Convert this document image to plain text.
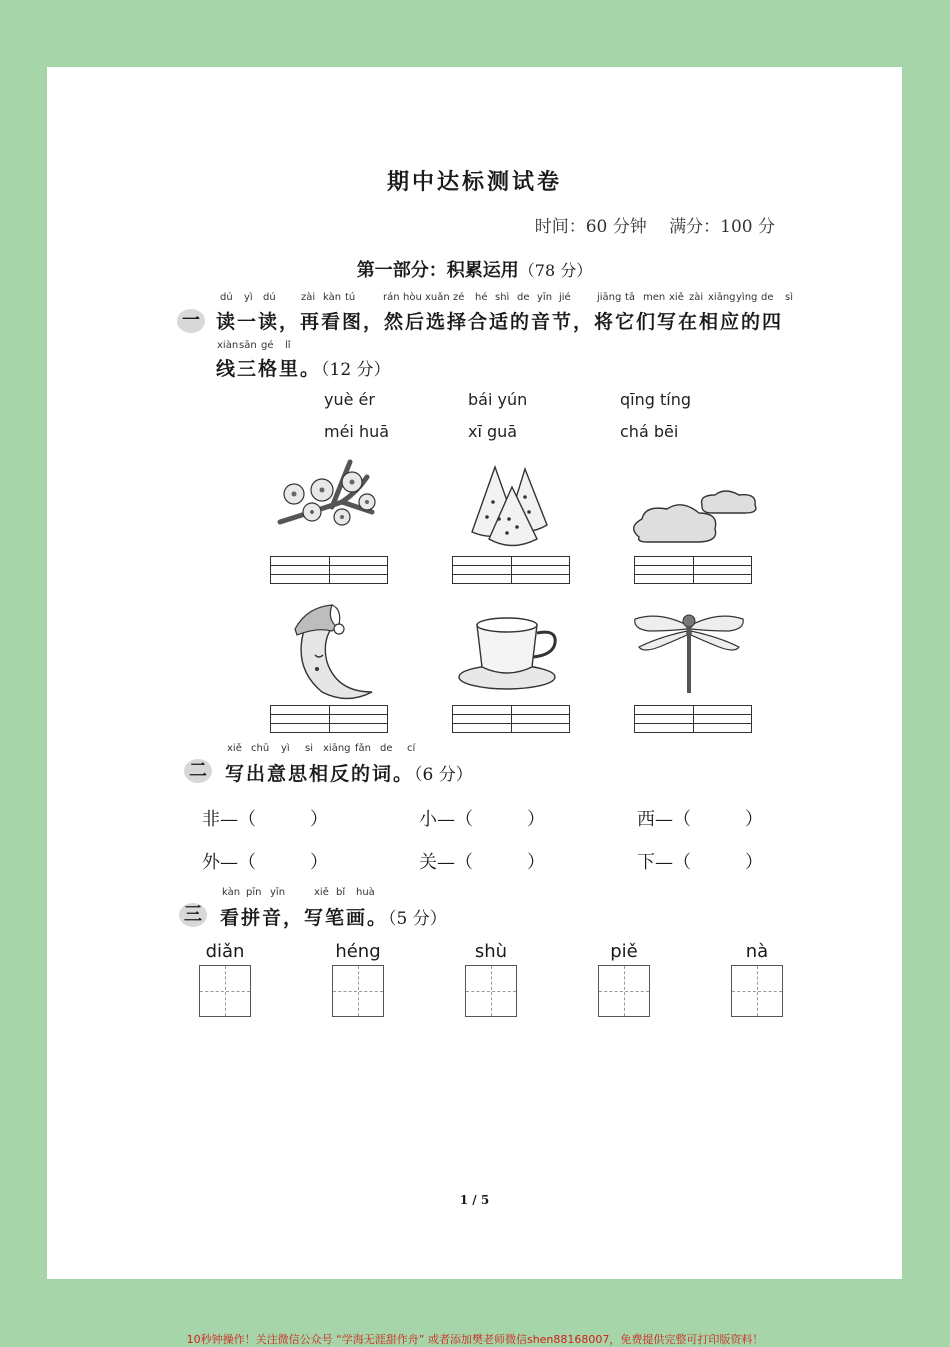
期中达标测试卷
时间：60 分钟　 满分：100 分
第一部分：积累运用（78 分）
一
dú yì dú	zài kàn tú	rán hòu xuǎn zé hé shì de yīn jié	jiāng tā men xiě zài xiāng yìng de sì
读一读，再看图，然后选择合适的音节，将它们写在相应的四
xiàn sān gé lǐ
线三格里。（12 分）
yuè ér	bái yún	qīng tíng
méi huā	xī guā	chá bēi
xiě chū yì si xiāng fǎn de cí
二 写出意思相反的词。（6 分）
非—（　　　）	小—（　　　）	西—（　　　）
外—（　　　）	关—（　　　）	下—（　　　）
kàn pīn yīn	xiě bǐ huà
三 看拼音，写笔画。（5 分）
diǎn	héng	shù	piě	nà
1 / 5
10秒钟操作！关注微信公众号 “学海无涯甜作舟” 或者添加樊老师微信shen88168007，免费提供完整可打印版资料！
